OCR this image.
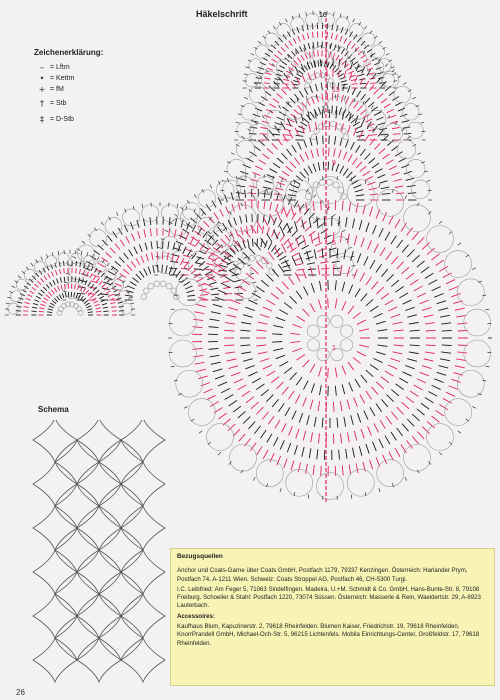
Häkelschrift
Zeichenerklärung:
⌢ = Lftm
• = Kettm
+ = fM
† = Stb
‡ = D-Stb
16
13
9
5
1
Schema
Bezugsquellen

Anchor und Coats-Garne über Coats GmbH, Postfach 1179, 79337 Kenzingen. Österreich: Harlander Prym, Postfach 74, A-1211 Wien. Schweiz: Coats Stroppel AG, Postfach 46, CH-5300 Turgi.

I.C. Leibfried: Am Feger 5, 71063 Sindelfingen. Madeira, U.+M. Schmidt & Co. GmbH, Hans-Bunte-Str. 8, 79108 Freiburg. Schoeller & Stahl: Postfach 1220, 73074 Süssen. Österreich: Masserle & Rein, Waeldertstr. 29, A-6923 Lauterbach.

Accessoires:

Kaufhaus Blum, Kapuzinerstr. 2, 79618 Rheinfelden. Blumen Kaiser, Friedrichstr. 19, 79618 Rheinfelden. KnorrPrandell GmbH, Michael-Och-Str. 5, 96215 Lichtenfels. Mobila Einrichtungs-Center, Großfeldstr. 17, 79618 Rheinfelden.

26
